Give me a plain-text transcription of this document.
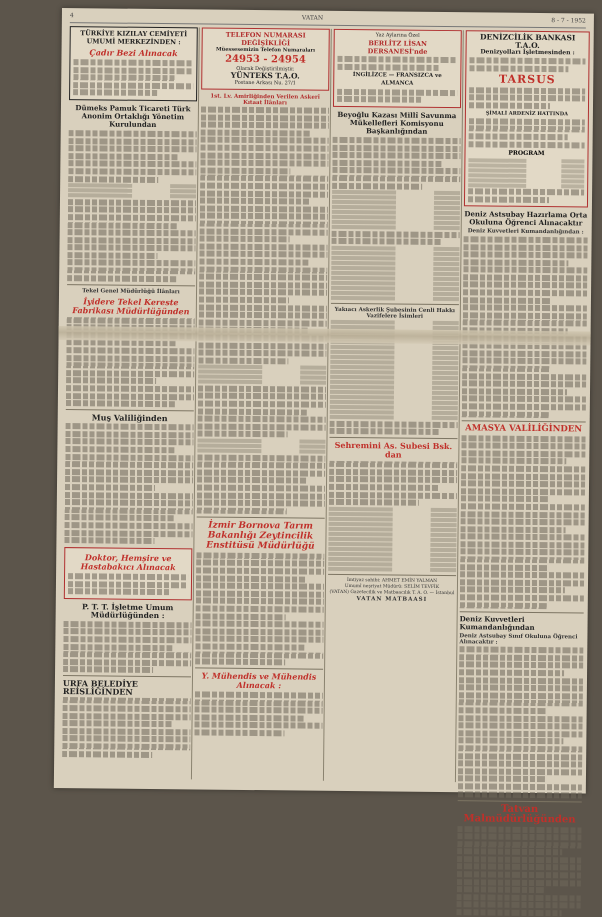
4	VATAN	8 - 7 - 1952
TÜRKİYE KIZILAY CEMİYETİ UMUMİ MERKEZİNDEN :
Çadır Bezi Alınacak
Dümeks Pamuk Ticareti Türk Anonim Ortaklığı Yönetim Kurulundan
Tekel Genel Müdürlüğü İlânları
İyidere Tekel Kereste Fabrikası Müdürlüğünden
Muş Valiliğinden
Doktor, Hemşire ve Hastabakıcı Alınacak
P. T. T. İşletme Umum Müdürlüğünden :
URFA BELEDİYE REİSLİĞİNDEN
TELEFON NUMARASI DEĞİŞİKLİĞİ
Müessesemizin Telefon Numaraları
24953 - 24954
Olarak Değiştirilmiştir.
YÜNTEKS T.A.O.
Postane Arkası Nu. 27/1
1st. Lv. Amirliğinden Verilen Askerî Kıtaat İlânları
İzmir Bornova Tarım Bakanlığı Zeytincilik Enstitüsü Müdürlüğü
Y. Mühendis ve Mühendis Alınacak :
Yaz Aylarına Özel
BERLİTZ LİSAN DERSANESİ'nde
İNGİLİZCE — FRANSIZCA ve ALMANCA
Beyoğlu Kazası Millî Savunma Mükellefleri Komisyonu Başkanlığından
Yakıacı Askerlik Şubesinin Cenli Hakkı Vazifelere İsimleri
Sehremini As. Subesi Bsk. dan
İmtiyaz sahibi: AHMET EMİN YALMAN
Umumî neşriyat Müdürü: SELİM TEVFİK
(VATAN) Gazetecilik ve Matbaacılık T. A. O. — İstanbul
VATAN MATBAASI
DENİZCİLİK BANKASI T.A.O.
Denizyolları İşletmesinden :
TARSUS
ŞİMALİ ARDENİZ HATTINDA
PROGRAM
Deniz Astsubay Hazırlama Orta Okuluna Öğrenci Alınacaktır
Deniz Kuvvetleri Kumandanlığından :
AMASYA VALİLİĞİNDEN
Deniz Kuvvetleri Kumandanlığından
Deniz Astsubay Sınıf Okuluna Öğrenci Alınacaktır :
Tatvan Malmüdürlüğünden
